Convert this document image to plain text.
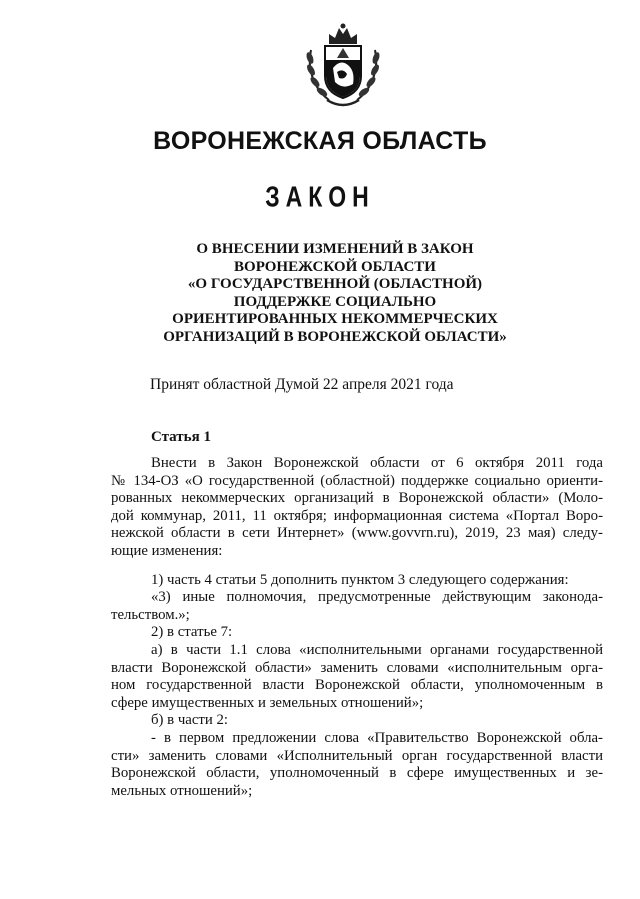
ВОРОНЕЖСКАЯ ОБЛАСТЬ
ЗАКОН
О ВНЕСЕНИИ ИЗМЕНЕНИЙ В ЗАКОН
ВОРОНЕЖСКОЙ ОБЛАСТИ
«О ГОСУДАРСТВЕННОЙ (ОБЛАСТНОЙ)
ПОДДЕРЖКЕ СОЦИАЛЬНО
ОРИЕНТИРОВАННЫХ НЕКОММЕРЧЕСКИХ
ОРГАНИЗАЦИЙ В ВОРОНЕЖСКОЙ ОБЛАСТИ»
Принят областной Думой 22 апреля 2021 года
Статья 1
Внести в Закон Воронежской области от 6 октября 2011 года
№ 134-ОЗ «О государственной (областной) поддержке социально ориенти-
рованных некоммерческих организаций в Воронежской области» (Моло-
дой коммунар, 2011, 11 октября; информационная система «Портал Воро-
нежской области в сети Интернет» (www.govvrn.ru), 2019, 23 мая) следу-
ющие изменения:
1) часть 4 статьи 5 дополнить пунктом 3 следующего содержания:
«3) иные полномочия, предусмотренные действующим законода-
тельством.»;
2) в статье 7:
а) в части 1.1 слова «исполнительными органами государственной
власти Воронежской области» заменить словами «исполнительным орга-
ном государственной власти Воронежской области, уполномоченным в
сфере имущественных и земельных отношений»;
б) в части 2:
- в первом предложении слова «Правительство Воронежской обла-
сти» заменить словами «Исполнительный орган государственной власти
Воронежской области, уполномоченный в сфере имущественных и зе-
мельных отношений»;
